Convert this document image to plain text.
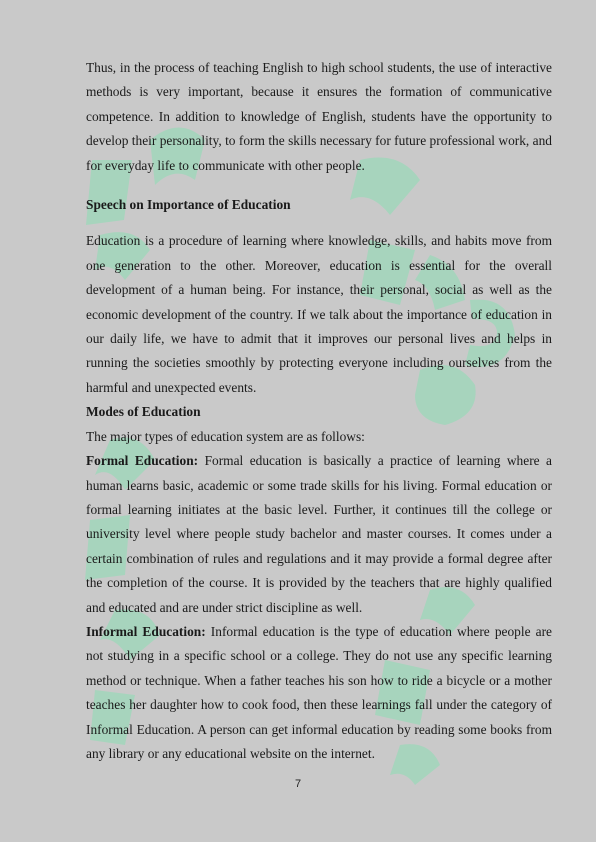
Thus, in the process of teaching English to high school students, the use of interactive methods is very important, because it ensures the formation of communicative competence. In addition to knowledge of English, students have the opportunity to develop their personality, to form the skills necessary for future professional work, and for everyday life to communicate with other people.

Speech on Importance of Education

Education is a procedure of learning where knowledge, skills, and habits move from one generation to the other. Moreover, education is essential for the overall development of a human being. For instance, their personal, social as well as the economic development of the country. If we talk about the importance of education in our daily life, we have to admit that it improves our personal lives and helps in running the societies smoothly by protecting everyone including ourselves from the harmful and unexpected events.

Modes of Education

The major types of education system are as follows:

Formal Education: Formal education is basically a practice of learning where a human learns basic, academic or some trade skills for his living. Formal education or formal learning initiates at the basic level. Further, it continues till the college or university level where people study bachelor and master courses. It comes under a certain combination of rules and regulations and it may provide a formal degree after the completion of the course. It is provided by the teachers that are highly qualified and educated and are under strict discipline as well.

Informal Education: Informal education is the type of education where people are not studying in a specific school or a college. They do not use any specific learning method or technique. When a father teaches his son how to ride a bicycle or a mother teaches her daughter how to cook food, then these learnings fall under the category of Informal Education. A person can get informal education by reading some books from any library or any educational website on the internet.

7
